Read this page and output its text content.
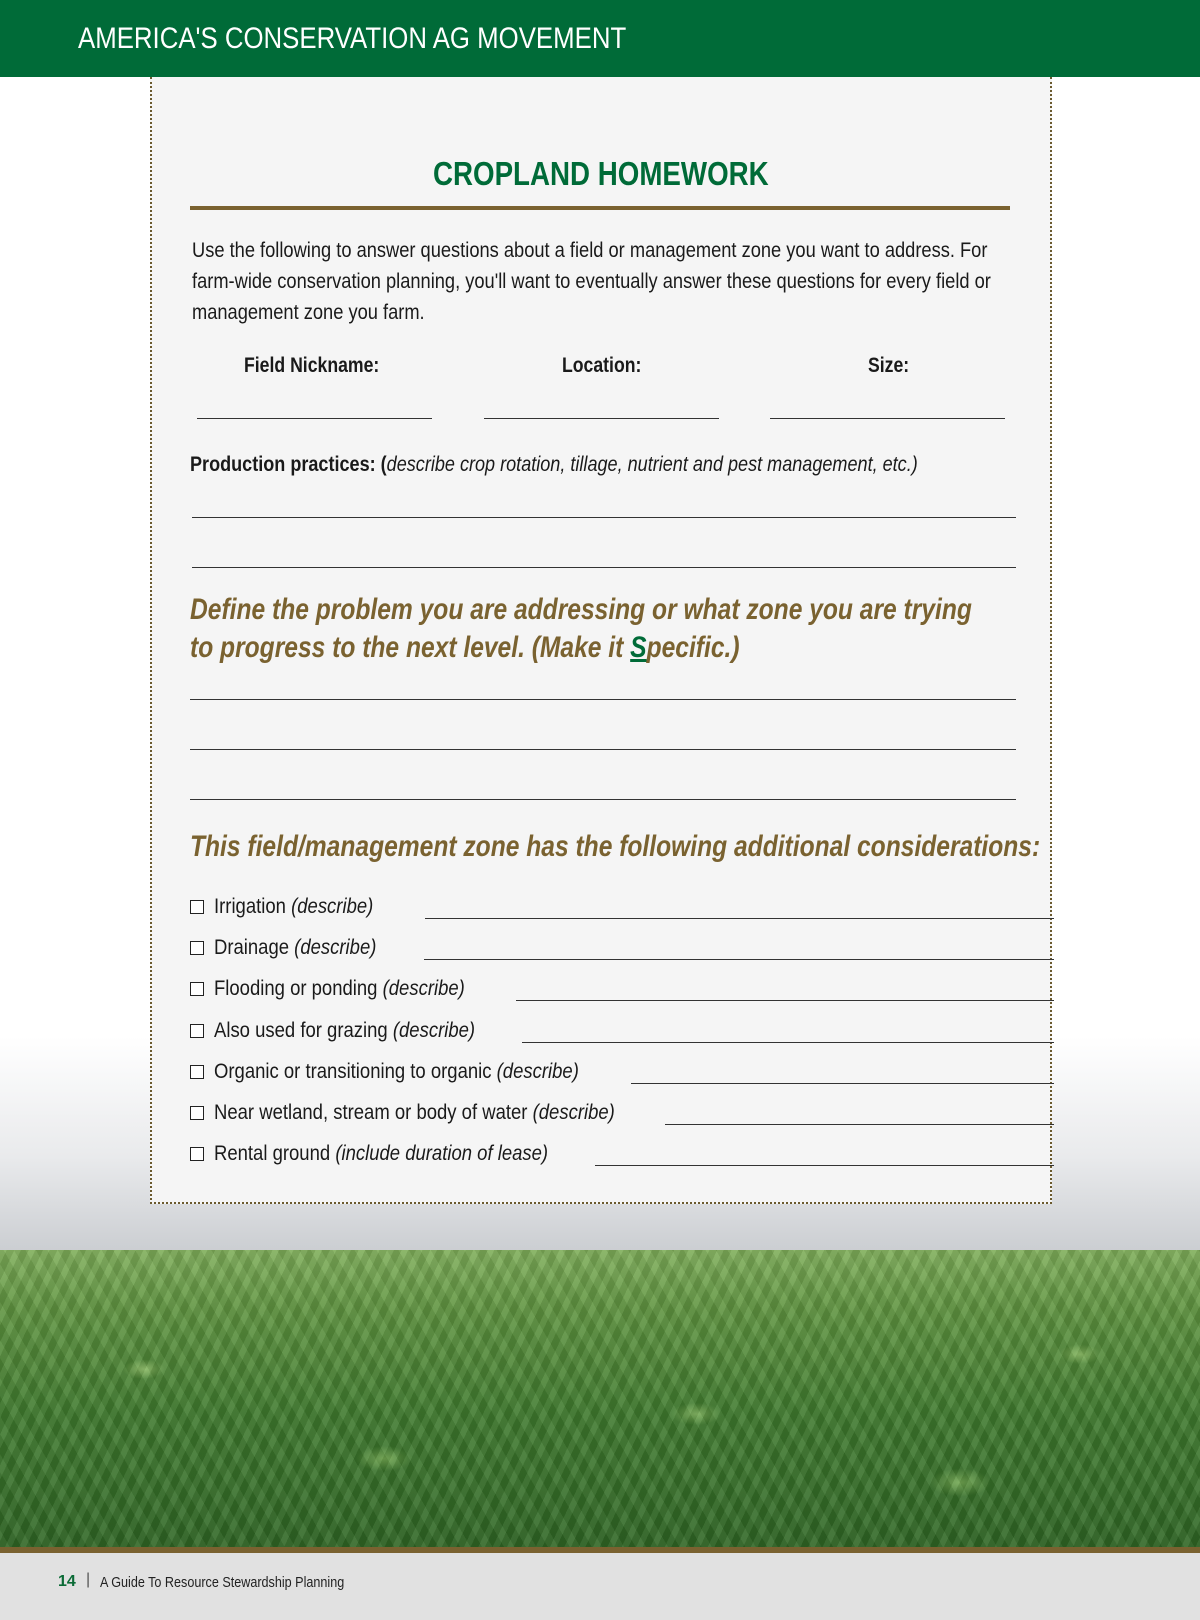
AMERICA'S CONSERVATION AG MOVEMENT
CROPLAND HOMEWORK
Use the following to answer questions about a field or management zone you want to address. For farm-wide conservation planning, you'll want to eventually answer these questions for every field or management zone you farm.
Field Nickname:	Location:	Size:
Production practices: (describe crop rotation, tillage, nutrient and pest management, etc.)
Define the problem you are addressing or what zone you are trying to progress to the next level. (Make it Specific.)
This field/management zone has the following additional considerations:
Irrigation (describe)
Drainage (describe)
Flooding or ponding (describe)
Also used for grazing (describe)
Organic or transitioning to organic (describe)
Near wetland, stream or body of water (describe)
Rental ground (include duration of lease)
14 | A Guide To Resource Stewardship Planning
